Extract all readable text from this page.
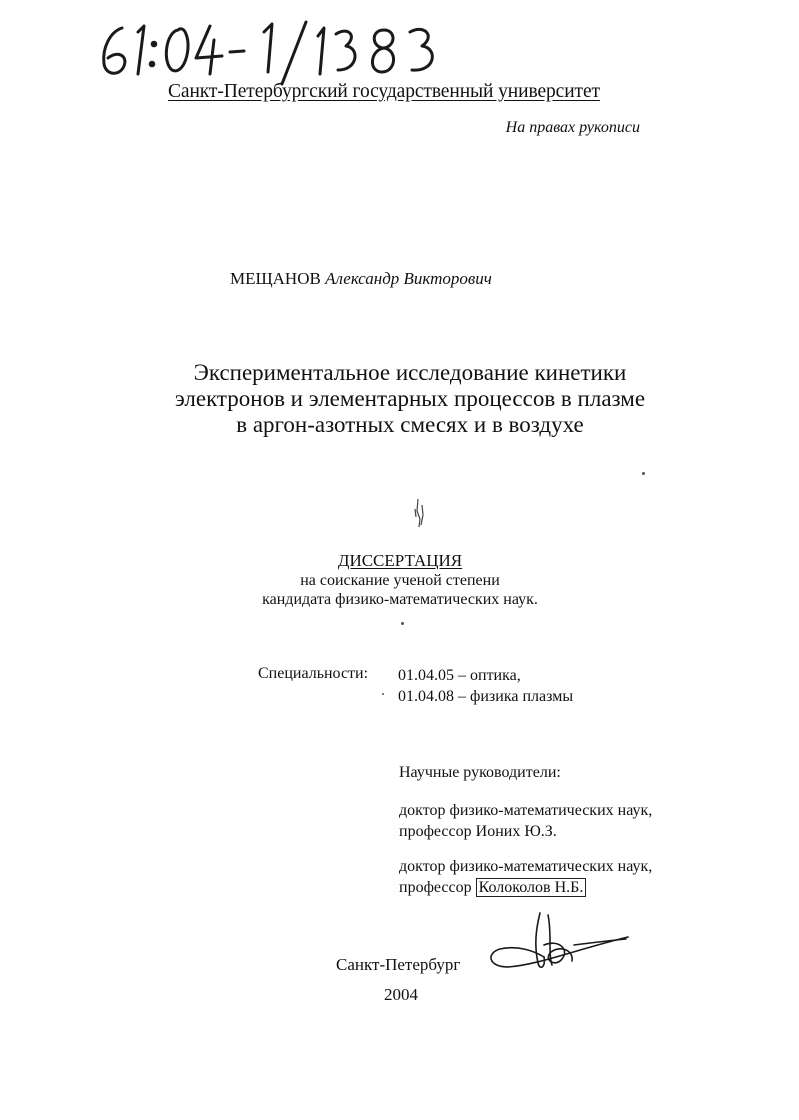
Санкт-Петербургский государственный университет
На правах рукописи
МЕЩАНОВ Александр Викторович
Экспериментальное исследование кинетики
электронов и элементарных процессов в плазме
в аргон-азотных смесях и в воздухе
ДИССЕРТАЦИЯ
на соискание ученой степени
кандидата физико-математических наук.
Специальности: 01.04.05 – оптика,
01.04.08 – физика плазмы
Научные руководители:
доктор физико-математических наук,
профессор Ионих Ю.З.
доктор физико-математических наук,
профессор Колоколов Н.Б.
Санкт-Петербург
2004
